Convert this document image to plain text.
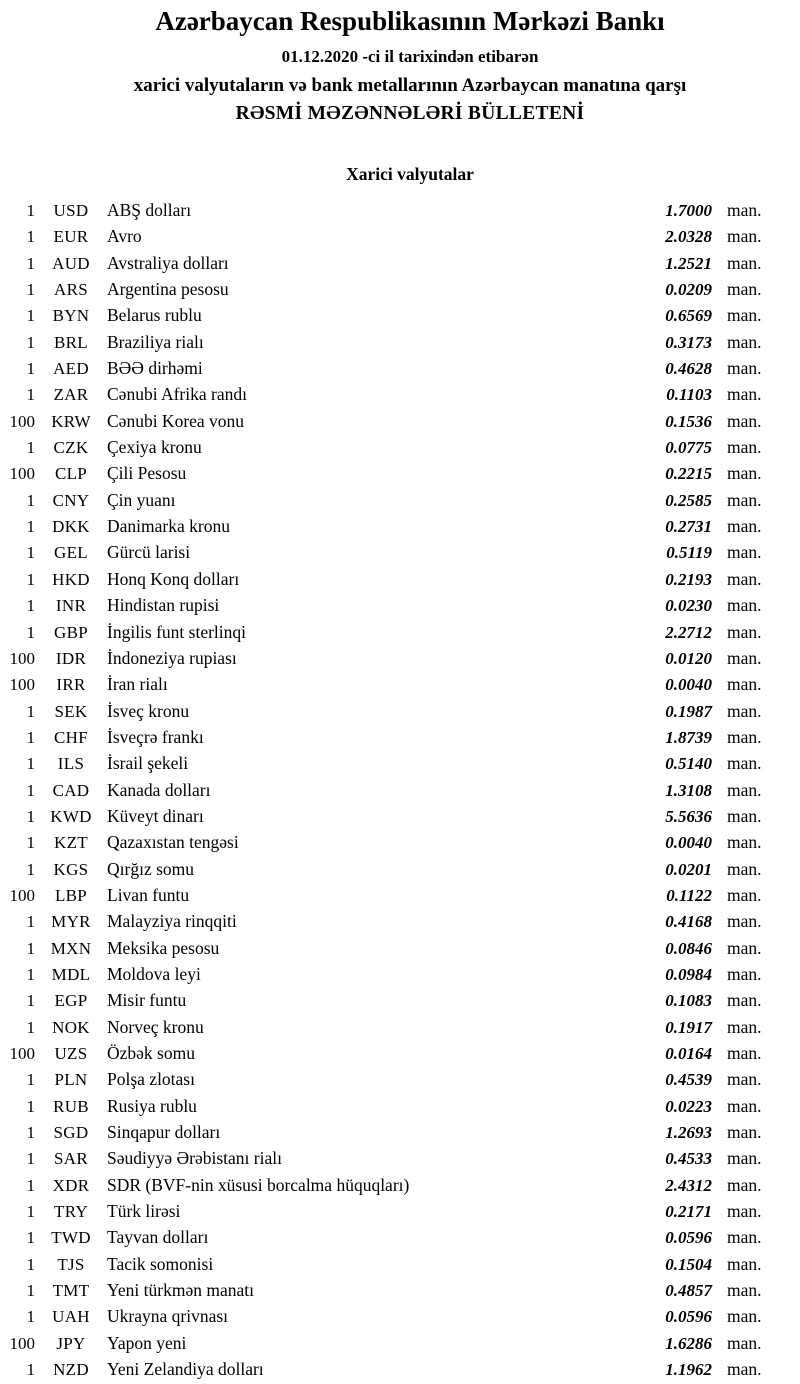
Azərbaycan Respublikasının Mərkəzi Bankı
01.12.2020 -ci il tarixindən etibarən
xarici valyutaların və bank metallarının Azərbaycan manatına qarşı
RƏSMİ MƏZƏNNƏLƏRİ BÜLLETENİ
Xarici valyutalar
1	USD	ABŞ dolları	1.7000 man.
1	EUR	Avro	2.0328 man.
1	AUD Avstraliya dolları	1.2521 man.
1	ARS	Argentina pesosu	0.0209 man.
1	BYN	Belarus rublu	0.6569 man.
1	BRL	Braziliya rialı	0.3173 man.
1	AED	BƏƏ dirhəmi	0.4628 man.
1	ZAR	Cənubi Afrika randı	0.1103 man.
100 KRW Cənubi Korea vonu	0.1536 man.
1	CZK	Çexiya kronu	0.0775 man.
100	CLP	Çili Pesosu	0.2215 man.
1	CNY	Çin yuanı	0.2585 man.
1	DKK Danimarka kronu	0.2731 man.
1	GEL	Gürcü larisi	0.5119 man.
1	HKD Honq Konq dolları	0.2193 man.
1	INR	Hindistan rupisi	0.0230 man.
1	GBP	İngilis funt sterlinqi	2.2712 man.
100	IDR	İndoneziya rupiası	0.0120 man.
100	IRR	İran rialı	0.0040 man.
1	SEK	İsveç kronu	0.1987 man.
1	CHF	İsveçrə frankı	1.8739 man.
1	ILS	İsrail şekeli	0.5140 man.
1	CAD	Kanada dolları	1.3108 man.
1 KWD Küveyt dinarı	5.5636 man.
1	KZT	Qazaxıstan tengəsi	0.0040 man.
1	KGS	Qırğız somu	0.0201 man.
100	LBP	Livan funtu	0.1122 man.
1 MYR Malayziya rinqqiti	0.4168 man.
1 MXN Meksika pesosu	0.0846 man.
1 MDL Moldova leyi	0.0984 man.
1	EGP	Misir funtu	0.1083 man.
1	NOK Norveç kronu	0.1917 man.
100	UZS	Özbək somu	0.0164 man.
1	PLN	Polşa zlotası	0.4539 man.
1	RUB	Rusiya rublu	0.0223 man.
1	SGD	Sinqapur dolları	1.2693 man.
1	SAR	Səudiyyə Ərəbistanı rialı	0.4533 man.
1	XDR	SDR (BVF-nin xüsusi borcalma hüquqları)	2.4312 man.
1	TRY	Türk lirəsi	0.2171 man.
1 TWD Tayvan dolları	0.0596 man.
1	TJS	Tacik somonisi	0.1504 man.
1	TMT	Yeni türkmən manatı	0.4857 man.
1	UAH Ukrayna qrivnası	0.0596 man.
100	JPY	Yapon yeni	1.6286 man.
1	NZD	Yeni Zelandiya dolları	1.1962 man.
